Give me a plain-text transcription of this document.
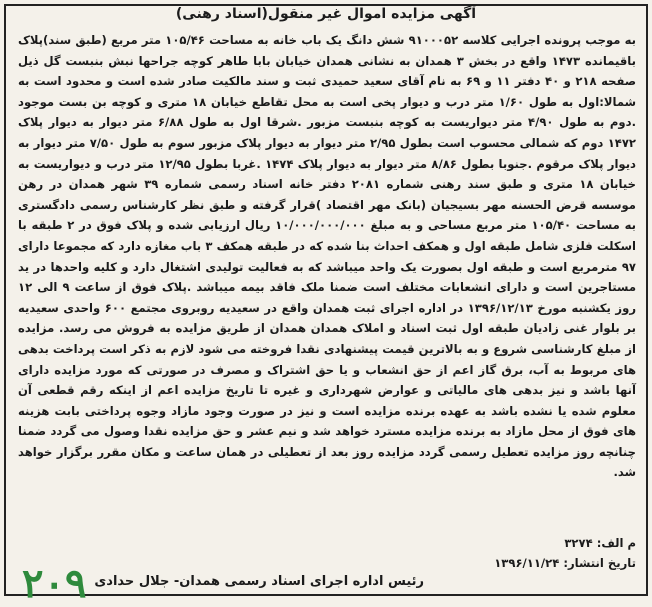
آگهی مزایده اموال غیر منقول(اسناد رهنی)
به موجب پرونده اجرایی کلاسه ۹۱۰۰۰۵۲ شش دانگ یک باب خانه به مساحت ۱۰۵/۴۶ متر مربع (طبق سند)پلاک باقیمانده ۱۴۷۳ واقع در بخش ۳ همدان به نشانی همدان خیابان بابا طاهر کوچه جراحها نبش بنبست گل ذیل صفحه ۲۱۸ و ۴۰ دفتر ۱۱ و ۶۹ به نام آقای سعید حمیدی ثبت و سند مالکیت صادر شده است و محدود است به شمالا:اول به طول ۱/۶۰ متر درب و دیوار پخی است به محل تقاطع خیابان ۱۸ متری و کوچه بن بست موجود .دوم به طول ۴/۹۰ متر دیواریست به کوچه بنبست مزبور .شرقا اول به طول ۶/۸۸ متر دیوار به دیوار پلاک ۱۴۷۲ دوم که شمالی محسوب است بطول ۲/۹۵ متر دیوار به دیوار پلاک مزبور سوم به طول ۷/۵۰ متر دیوار به دیوار پلاک مرقوم .جنوبا بطول ۸/۸۶ متر دیوار به دیوار پلاک ۱۴۷۴ .غربا بطول ۱۲/۹۵ متر درب و دیواریست به خیابان ۱۸ متری و طبق سند رهنی شماره ۲۰۸۱ دفتر خانه اسناد رسمی شماره ۳۹ شهر همدان در رهن موسسه قرض الحسنه مهر بسیجیان (بانک مهر اقتصاد )قرار گرفته و طبق نظر کارشناس رسمی دادگستری به مساحت ۱۰۵/۴۰ متر مربع مساحی و به مبلغ ۱۰/۰۰۰/۰۰۰/۰۰۰ ریال ارزیابی شده و پلاک فوق در ۲ طبقه با اسکلت فلزی شامل طبقه اول و همکف احداث بنا شده که در طبقه همکف ۳ باب مغازه دارد که مجموعا دارای ۹۷ مترمربع است و طبقه اول بصورت یک واحد میباشد که به فعالیت تولیدی اشتغال دارد و کلیه واحدها در ید مستاجرین است و دارای انشعابات مختلف است ضمنا ملک فاقد بیمه میباشد .پلاک فوق از ساعت ۹ الی ۱۲ روز یکشنبه مورخ ۱۳۹۶/۱۲/۱۳ در اداره اجرای ثبت همدان واقع در سعیدیه روبروی مجتمع ۶۰۰ واحدی سعیدیه بر بلوار غنی زادیان طبقه اول ثبت اسناد و املاک همدان همدان از طریق مزایده به فروش می رسد. مزایده از مبلغ کارشناسی شروع و به بالاترین قیمت پیشنهادی نقدا فروخته می شود لازم به ذکر است پرداخت بدهی های مربوط به آب، برق گاز اعم از حق انشعاب و یا حق اشتراک و مصرف در صورتی که مورد مزایده دارای آنها باشد و نیز بدهی های مالیاتی و عوارض شهرداری و غیره تا تاریخ مزایده اعم از اینکه رقم قطعی آن معلوم شده یا نشده باشد به عهده برنده مزایده است و نیز در صورت وجود مازاد وجوه پرداختی بابت هزینه های فوق از محل مازاد به برنده مزایده مسترد خواهد شد و نیم عشر و حق مزایده نقدا وصول می گردد ضمنا چنانچه روز مزایده تعطیل رسمی گردد مزایده روز بعد از تعطیلی در همان ساعت و مکان مقرر برگزار خواهد شد.
م الف: ۳۲۷۴
تاریخ انتشار: ۱۳۹۶/۱۱/۲۴
رئیس اداره اجرای اسناد رسمی همدان- جلال حدادی
۲۰۹
